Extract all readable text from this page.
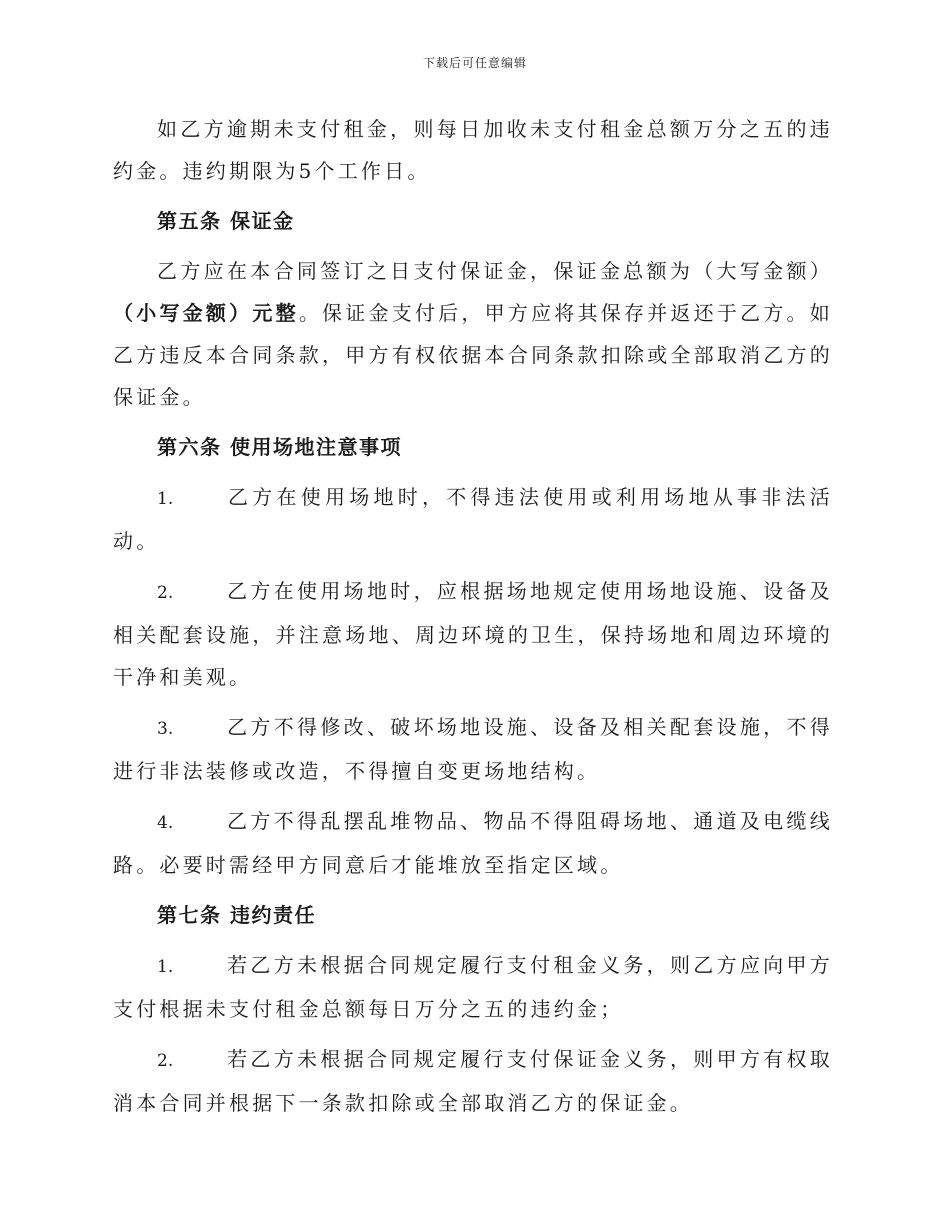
下载后可任意编辑

如乙方逾期未支付租金，则每日加收未支付租金总额万分之五的违约金。违约期限为5个工作日。

第五条 保证金

乙方应在本合同签订之日支付保证金，保证金总额为（大写金额）（小写金额）元整。保证金支付后，甲方应将其保存并返还于乙方。如乙方违反本合同条款，甲方有权依据本合同条款扣除或全部取消乙方的保证金。

第六条 使用场地注意事项

1.	乙方在使用场地时，不得违法使用或利用场地从事非法活动。

2.	乙方在使用场地时，应根据场地规定使用场地设施、设备及相关配套设施，并注意场地、周边环境的卫生，保持场地和周边环境的干净和美观。

3.	乙方不得修改、破坏场地设施、设备及相关配套设施，不得进行非法装修或改造，不得擅自变更场地结构。

4.	乙方不得乱摆乱堆物品、物品不得阻碍场地、通道及电缆线路。必要时需经甲方同意后才能堆放至指定区域。

第七条 违约责任

1.	若乙方未根据合同规定履行支付租金义务，则乙方应向甲方支付根据未支付租金总额每日万分之五的违约金；

2.	若乙方未根据合同规定履行支付保证金义务，则甲方有权取消本合同并根据下一条款扣除或全部取消乙方的保证金。
